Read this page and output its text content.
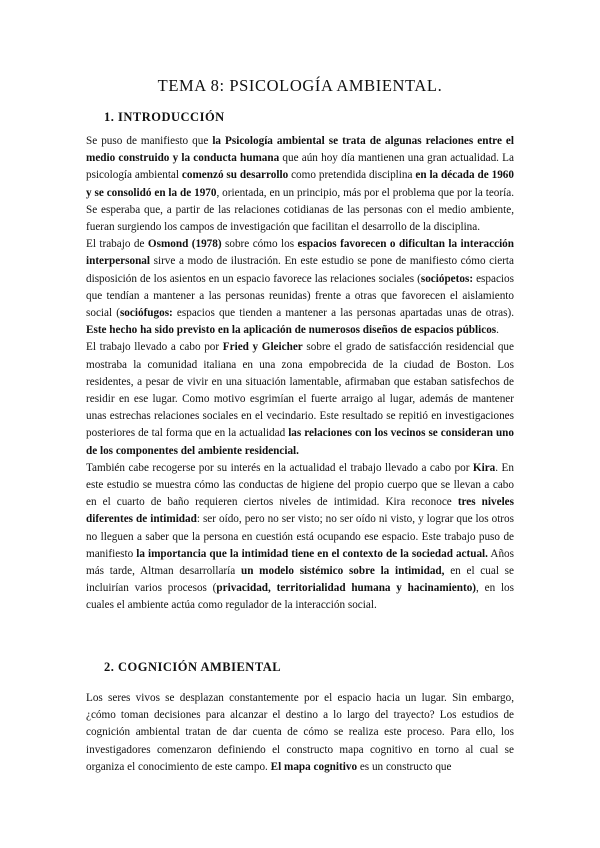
TEMA 8: PSICOLOGÍA AMBIENTAL.
1. INTRODUCCIÓN

Se puso de manifiesto que la Psicología ambiental se trata de algunas relaciones entre el medio construido y la conducta humana que aún hoy día mantienen una gran actualidad. La psicología ambiental comenzó su desarrollo como pretendida disciplina en la década de 1960 y se consolidó en la de 1970, orientada, en un principio, más por el problema que por la teoría. Se esperaba que, a partir de las relaciones cotidianas de las personas con el medio ambiente, fueran surgiendo los campos de investigación que facilitan el desarrollo de la disciplina.

El trabajo de Osmond (1978) sobre cómo los espacios favorecen o dificultan la interacción interpersonal sirve a modo de ilustración. En este estudio se pone de manifiesto cómo cierta disposición de los asientos en un espacio favorece las relaciones sociales (sociópetos: espacios que tendían a mantener a las personas reunidas) frente a otras que favorecen el aislamiento social (sociófugos: espacios que tienden a mantener a las personas apartadas unas de otras). Este hecho ha sido previsto en la aplicación de numerosos diseños de espacios públicos.

El trabajo llevado a cabo por Fried y Gleicher sobre el grado de satisfacción residencial que mostraba la comunidad italiana en una zona empobrecida de la ciudad de Boston. Los residentes, a pesar de vivir en una situación lamentable, afirmaban que estaban satisfechos de residir en ese lugar. Como motivo esgrimían el fuerte arraigo al lugar, además de mantener unas estrechas relaciones sociales en el vecindario. Este resultado se repitió en investigaciones posteriores de tal forma que en la actualidad las relaciones con los vecinos se consideran uno de los componentes del ambiente residencial.

También cabe recogerse por su interés en la actualidad el trabajo llevado a cabo por Kira. En este estudio se muestra cómo las conductas de higiene del propio cuerpo que se llevan a cabo en el cuarto de baño requieren ciertos niveles de intimidad. Kira reconoce tres niveles diferentes de intimidad: ser oído, pero no ser visto; no ser oído ni visto, y lograr que los otros no lleguen a saber que la persona en cuestión está ocupando ese espacio. Este trabajo puso de manifiesto la importancia que la intimidad tiene en el contexto de la sociedad actual. Años más tarde, Altman desarrollaría un modelo sistémico sobre la intimidad, en el cual se incluirían varios procesos (privacidad, territorialidad humana y hacinamiento), en los cuales el ambiente actúa como regulador de la interacción social.

2. COGNICIÓN AMBIENTAL

Los seres vivos se desplazan constantemente por el espacio hacia un lugar. Sin embargo, ¿cómo toman decisiones para alcanzar el destino a lo largo del trayecto? Los estudios de cognición ambiental tratan de dar cuenta de cómo se realiza este proceso. Para ello, los investigadores comenzaron definiendo el constructo mapa cognitivo en torno al cual se organiza el conocimiento de este campo. El mapa cognitivo es un constructo que
